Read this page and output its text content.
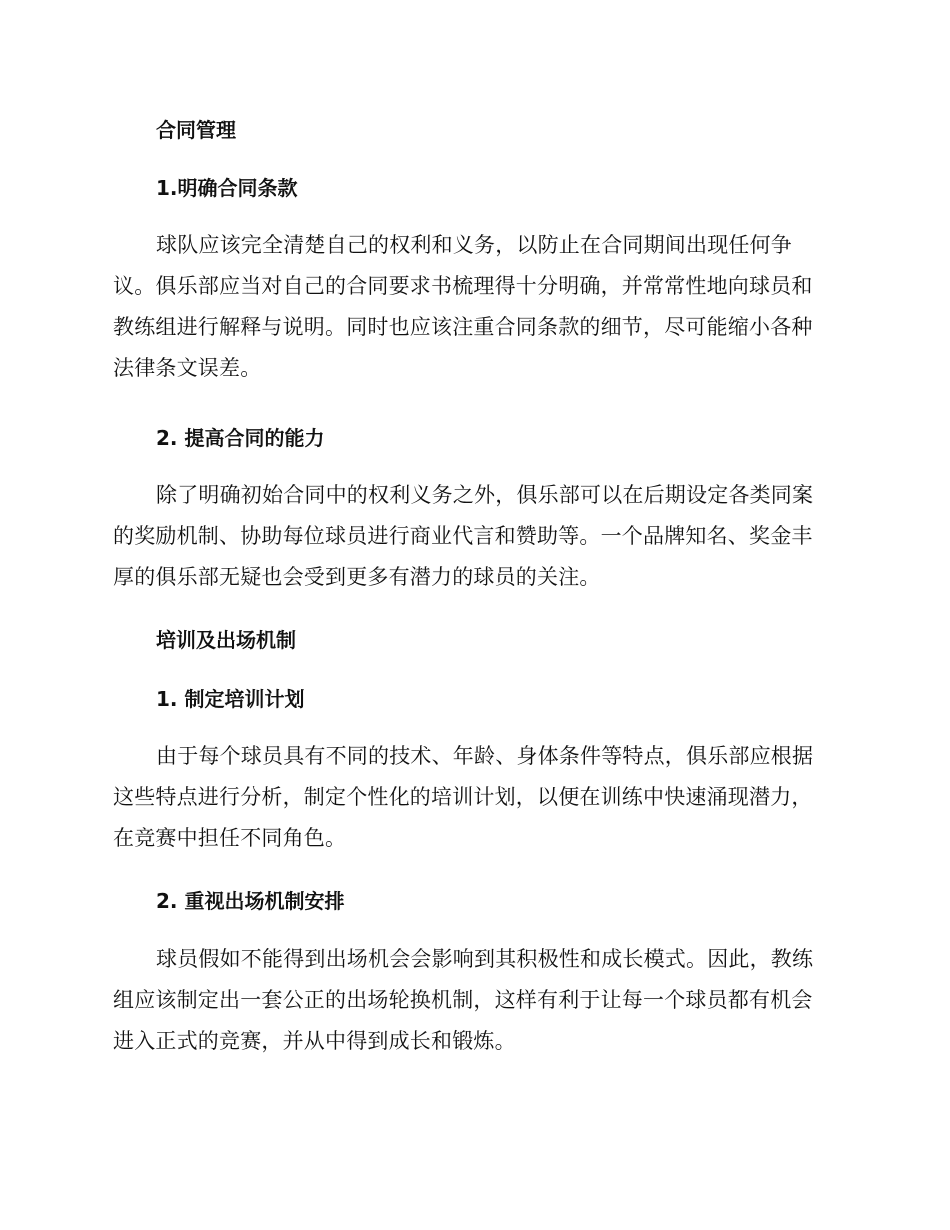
合同管理
1.明确合同条款

球队应该完全清楚自己的权利和义务，以防止在合同期间出现任何争议。俱乐部应当对自己的合同要求书梳理得十分明确，并常常性地向球员和教练组进行解释与说明。同时也应该注重合同条款的细节，尽可能缩小各种法律条文误差。

2. 提高合同的能力

除了明确初始合同中的权利义务之外，俱乐部可以在后期设定各类同案的奖励机制、协助每位球员进行商业代言和赞助等。一个品牌知名、奖金丰厚的俱乐部无疑也会受到更多有潜力的球员的关注。

培训及出场机制
1. 制定培训计划

由于每个球员具有不同的技术、年龄、身体条件等特点，俱乐部应根据这些特点进行分析，制定个性化的培训计划，以便在训练中快速涌现潜力，在竞赛中担任不同角色。

2. 重视出场机制安排

球员假如不能得到出场机会会影响到其积极性和成长模式。因此，教练组应该制定出一套公正的出场轮换机制，这样有利于让每一个球员都有机会进入正式的竞赛，并从中得到成长和锻炼。
